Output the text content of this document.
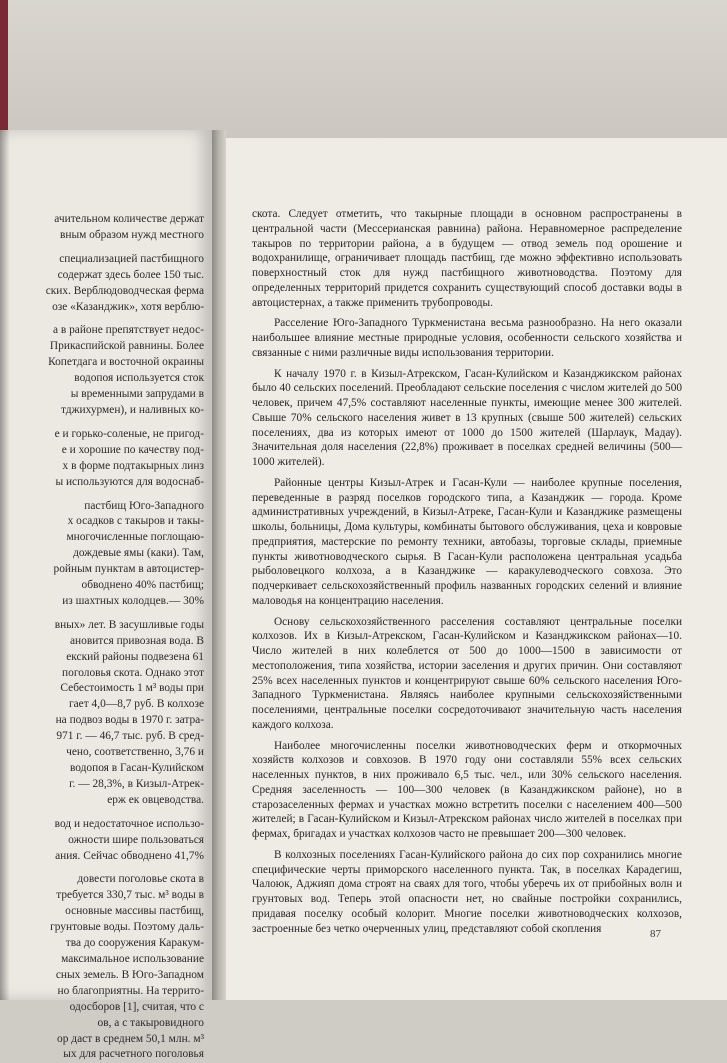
ачительном количестве держат
вным образом нужд местного
специализацией пастбищного
содержат здесь более 150 тыс.
ских. Верблюдоводческая ферма
озе «Казанджик», хотя верблю-
а в районе препятствует недос-
Прикаспийской равнины. Более
Копетдага и восточной окраины
водопоя используется сток
ы временными запрудами в
тджихурмен), и наливных ко-
е и горько-соленые, не пригод-
е и хорошие по качеству под-
х в форме подтакырных линз
ы используются для водоснаб-
пастбищ Юго-Западного
х осадков с такыров и такы-
многочисленные поглощаю-
дождевые ямы (каки). Там,
ройным пунктам в автоцистер-
обводнено 40% пастбищ;
из шахтных колодцев.— 30%
вных» лет. В засушливые годы
ановится привозная вода. В
екский районы подвезена 61
поголовья скота. Однако этот
Себестоимость 1 м³ воды при
гает 4,0—8,7 руб. В колхозе
на подвоз воды в 1970 г. затра-
971 г. — 46,7 тыс. руб. В сред-
чено, соответственно, 3,76 и
водопоя в Гасан-Кулийском
г. — 28,3%, в Кизыл-Атрек-
ерж ек овцеводства.
вод и недостаточное использо-
ожности шире пользоваться
ания. Сейчас обводнено 41,7%
довести поголовье скота в
требуется 330,7 тыс. м³ воды в
основные массивы пастбищ,
грунтовые воды. Поэтому даль-
тва до сооружения Каракум-
максимальное использование
сных земель. В Юго-Западном
но благоприятны. На террито-
одосборов [1], считая, что с
ов, а с такыровидного
ор даст в среднем 50,1 млн. м³
ых для расчетного поголовья

скота. Следует отметить, что такырные площади в основном распространены в центральной части (Мессерианская равнина) района. Неравномерное распределение такыров по территории района, а в будущем — отвод земель под орошение и водохранилище, ограничивает площадь пастбищ, где можно эффективно использовать поверхностный сток для нужд пастбищного животноводства. Поэтому для определенных территорий придется сохранить существующий способ доставки воды в автоцистернах, а также применить трубопроводы.

Расселение Юго-Западного Туркменистана весьма разнообразно. На него оказали наибольшее влияние местные природные условия, особенности сельского хозяйства и связанные с ними различные виды использования территории.

К началу 1970 г. в Кизыл-Атрекском, Гасан-Кулийском и Казанджикском районах было 40 сельских поселений. Преобладают сельские поселения с числом жителей до 500 человек, причем 47,5% составляют населенные пункты, имеющие менее 300 жителей. Свыше 70% сельского населения живет в 13 крупных (свыше 500 жителей) сельских поселениях, два из которых имеют от 1000 до 1500 жителей (Шарлаук, Мадау). Значительная доля населения (22,8%) проживает в поселках средней величины (500—1000 жителей).

Районные центры Кизыл-Атрек и Гасан-Кули — наиболее крупные поселения, переведенные в разряд поселков городского типа, а Казанджик — города. Кроме административных учреждений, в Кизыл-Атреке, Гасан-Кули и Казанджике размещены школы, больницы, Дома культуры, комбинаты бытового обслуживания, цеха и ковровые предприятия, мастерские по ремонту техники, автобазы, торговые склады, приемные пункты животноводческого сырья. В Гасан-Кули расположена центральная усадьба рыболовецкого колхоза, а в Казанджике — каракулеводческого совхоза. Это подчеркивает сельскохозяйственный профиль названных городских селений и влияние маловодья на концентрацию населения.

Основу сельскохозяйственного расселения составляют центральные поселки колхозов. Их в Кизыл-Атрекском, Гасан-Кулийском и Казанджикском районах—10. Число жителей в них колеблется от 500 до 1000—1500 в зависимости от местоположения, типа хозяйства, истории заселения и других причин. Они составляют 25% всех населенных пунктов и концентрируют свыше 60% сельского населения Юго-Западного Туркменистана. Являясь наиболее крупными сельскохозяйственными поселениями, центральные поселки сосредоточивают значительную часть населения каждого колхоза.

Наиболее многочисленны поселки животноводческих ферм и откормочных хозяйств колхозов и совхозов. В 1970 году они составляли 55% всех сельских населенных пунктов, в них проживало 6,5 тыс. чел., или 30% сельского населения. Средняя заселенность — 100—300 человек (в Казанджикском районе), но в старозаселенных фермах и участках можно встретить поселки с населением 400—500 жителей; в Гасан-Кулийском и Кизыл-Атрекском районах число жителей в поселках при фермах, бригадах и участках колхозов часто не превышает 200—300 человек.

В колхозных поселениях Гасан-Кулийского района до сих пор сохранились многие специфические черты приморского населенного пункта. Так, в поселках Карадегиш, Чалоюк, Аджияп дома строят на сваях для того, чтобы уберечь их от прибойных волн и грунтовых вод. Теперь этой опасности нет, но свайные постройки сохранились, придавая поселку особый колорит. Многие поселки животноводческих колхозов, застроенные без четко очерченных улиц, представляют собой скопления	87
